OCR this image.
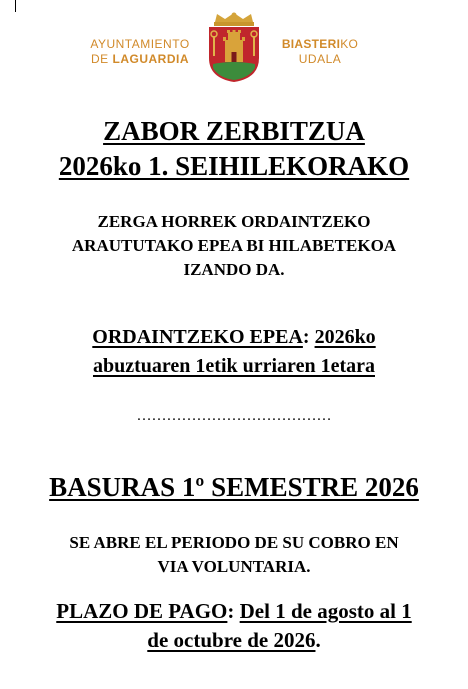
AYUNTAMIENTO
DE LAGUARDIA
BIASTERIKO
UDALA
ZABOR ZERBITZUA
2026ko 1. SEIHILEKORAKO
ZERGA HORREK ORDAINTZEKO
ARAUTUTAKO EPEA BI HILABETEKOA
IZANDO DA.
ORDAINTZEKO EPEA: 2026ko
abuztuaren 1etik urriaren 1etara
…………………………………
BASURAS 1º SEMESTRE 2026
SE ABRE EL PERIODO DE SU COBRO EN
VIA VOLUNTARIA.
PLAZO DE PAGO: Del 1 de agosto al 1
de octubre de 2026.
